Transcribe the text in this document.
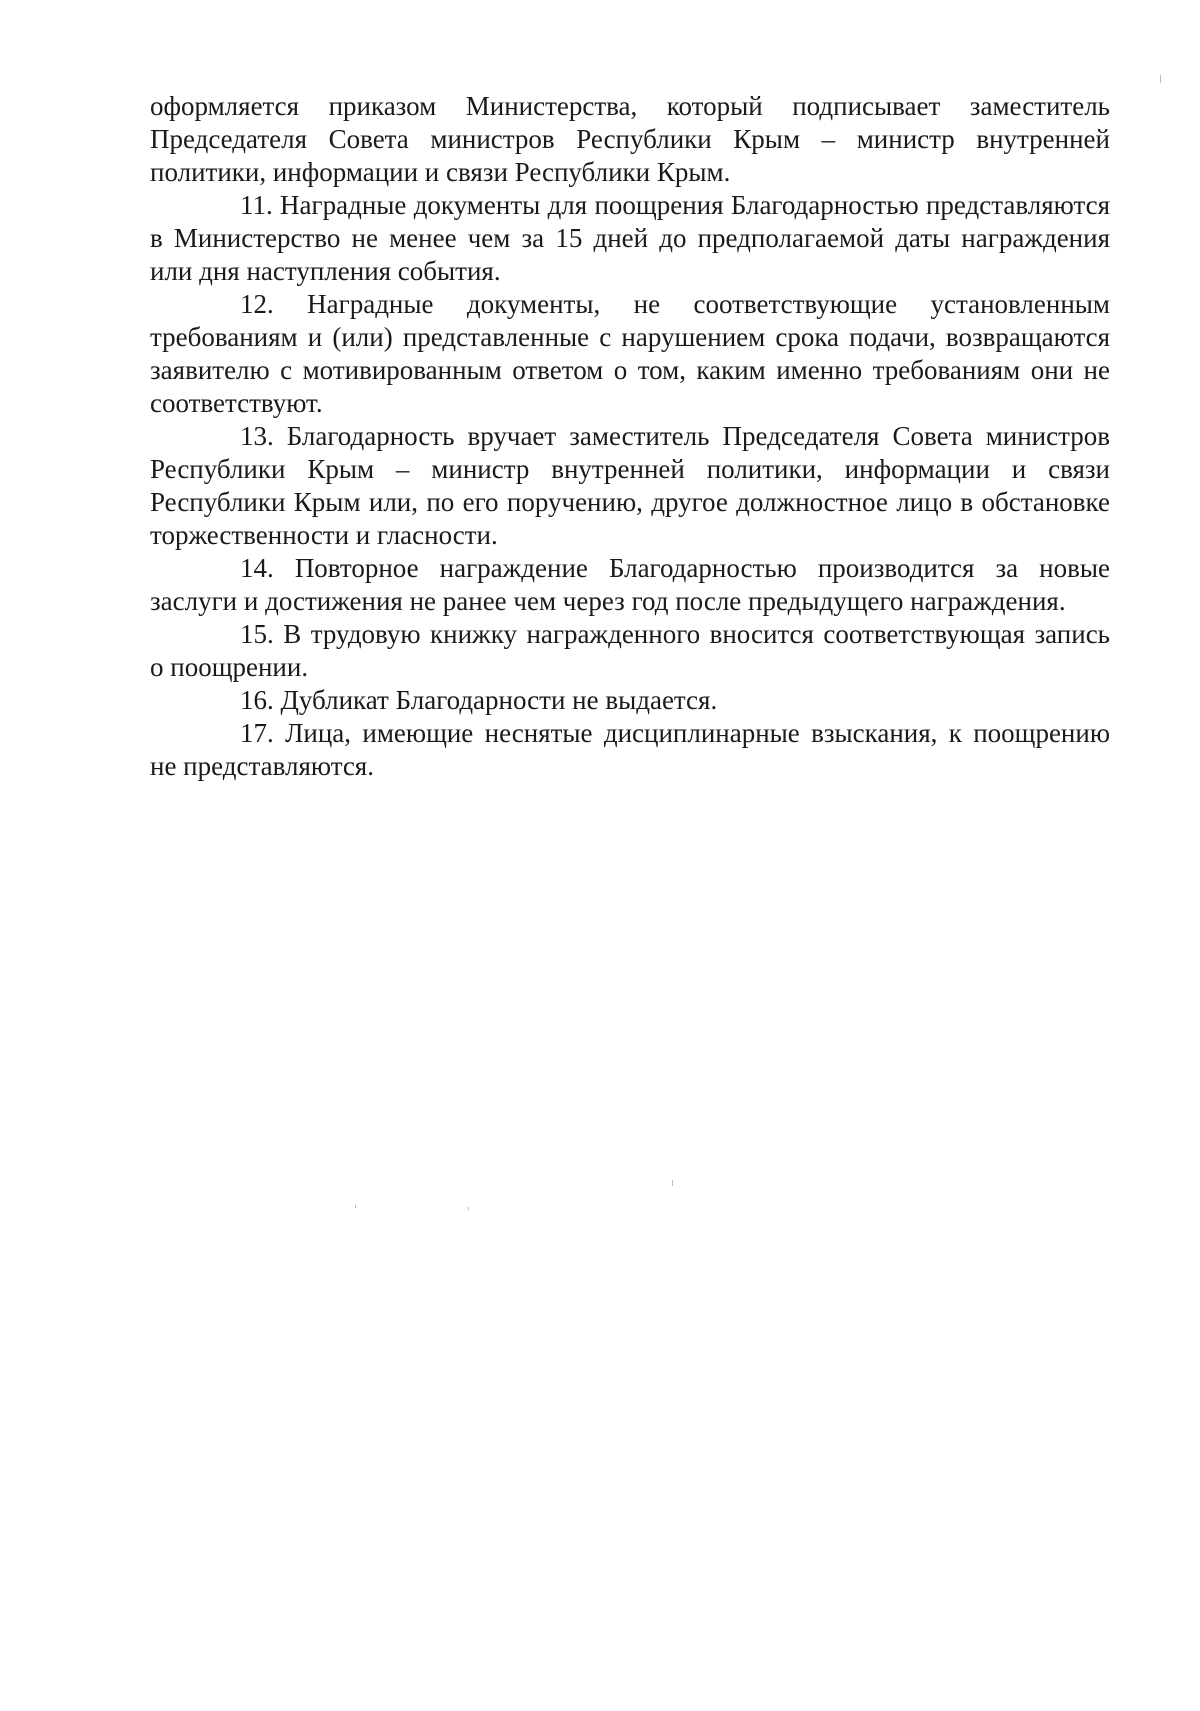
оформляется приказом Министерства, который подписывает заместитель Председателя Совета министров Республики Крым – министр внутренней политики, информации и связи Республики Крым.

11. Наградные документы для поощрения Благодарностью представляются в Министерство не менее чем за 15 дней до предполагаемой даты награждения или дня наступления события.

12. Наградные документы, не соответствующие установленным требованиям и (или) представленные с нарушением срока подачи, возвращаются заявителю с мотивированным ответом о том, каким именно требованиям они не соответствуют.

13. Благодарность вручает заместитель Председателя Совета министров Республики Крым – министр внутренней политики, информации и связи Республики Крым или, по его поручению, другое должностное лицо в обстановке торжественности и гласности.

14. Повторное награждение Благодарностью производится за новые заслуги и достижения не ранее чем через год после предыдущего награждения.

15. В трудовую книжку награжденного вносится соответствующая запись о поощрении.

16. Дубликат Благодарности не выдается.

17. Лица, имеющие неснятые дисциплинарные взыскания, к поощрению не представляются.
